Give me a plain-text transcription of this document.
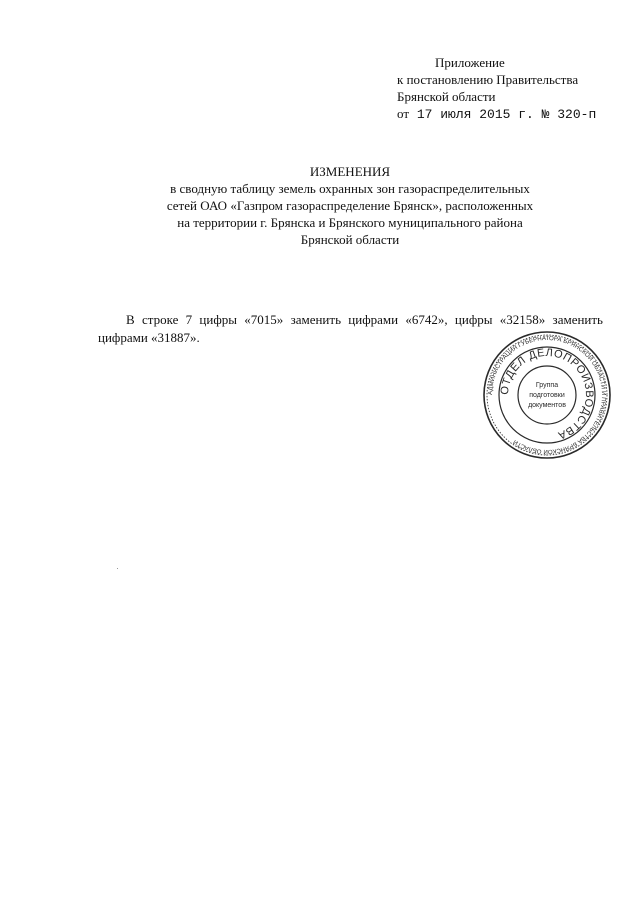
Приложение
к постановлению Правительства
Брянской области
от 17 июля 2015 г. № 320-п
ИЗМЕНЕНИЯ
в сводную таблицу земель охранных зон газораспределительных
сетей ОАО «Газпром газораспределение Брянск», расположенных
на территории г. Брянска и Брянского муниципального района
Брянской области
В строке 7 цифры «7015» заменить цифрами «6742», цифры «32158» заменить цифрами «31887».
АДМИНИСТРАЦИЯ ГУБЕРНАТОРА БРЯНСКОЙ ОБЛАСТИ И ПРАВИТЕЛЬСТВА БРЯНСКОЙ ОБЛАСТИ
ОТДЕЛ ДЕЛОПРОИЗВОДСТВА
Группа
подготовки
документов
